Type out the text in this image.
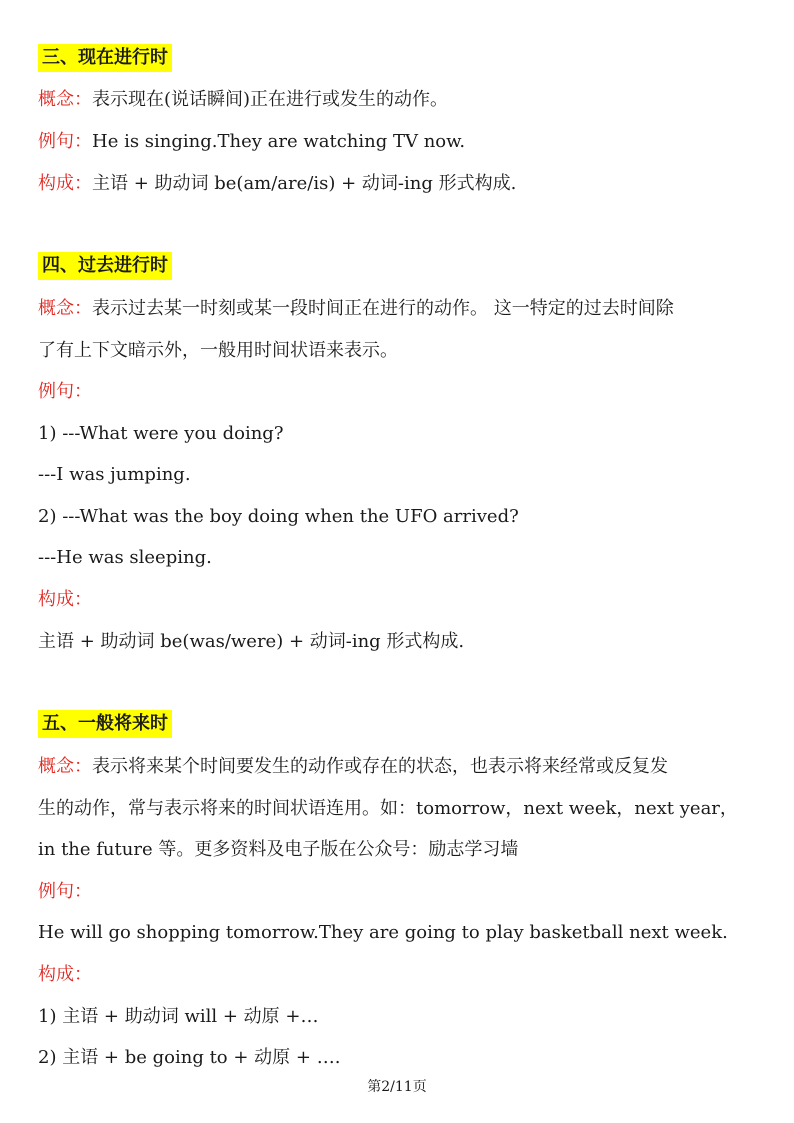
三、现在进行时
概念：表示现在(说话瞬间)正在进行或发生的动作。
例句：He is singing.They are watching TV now.
构成：主语 + 助动词 be(am/are/is) + 动词-ing 形式构成.
四、过去进行时
概念：表示过去某一时刻或某一段时间正在进行的动作。 这一特定的过去时间除
了有上下文暗示外，一般用时间状语来表示。
例句：
1) ---What were you doing?
---I was jumping.
2) ---What was the boy doing when the UFO arrived?
---He was sleeping.
构成：
主语 + 助动词 be(was/were) + 动词-ing 形式构成.
五、一般将来时
概念：表示将来某个时间要发生的动作或存在的状态，也表示将来经常或反复发
生的动作，常与表示将来的时间状语连用。如：tomorrow，next week，next year，
in the future 等。更多资料及电子版在公众号：励志学习墙
例句：
He will go shopping tomorrow.They are going to play basketball next week.
构成：
1) 主语 + 助动词 will + 动原 +…
2) 主语 + be going to + 动原 + ….
第2/11页
